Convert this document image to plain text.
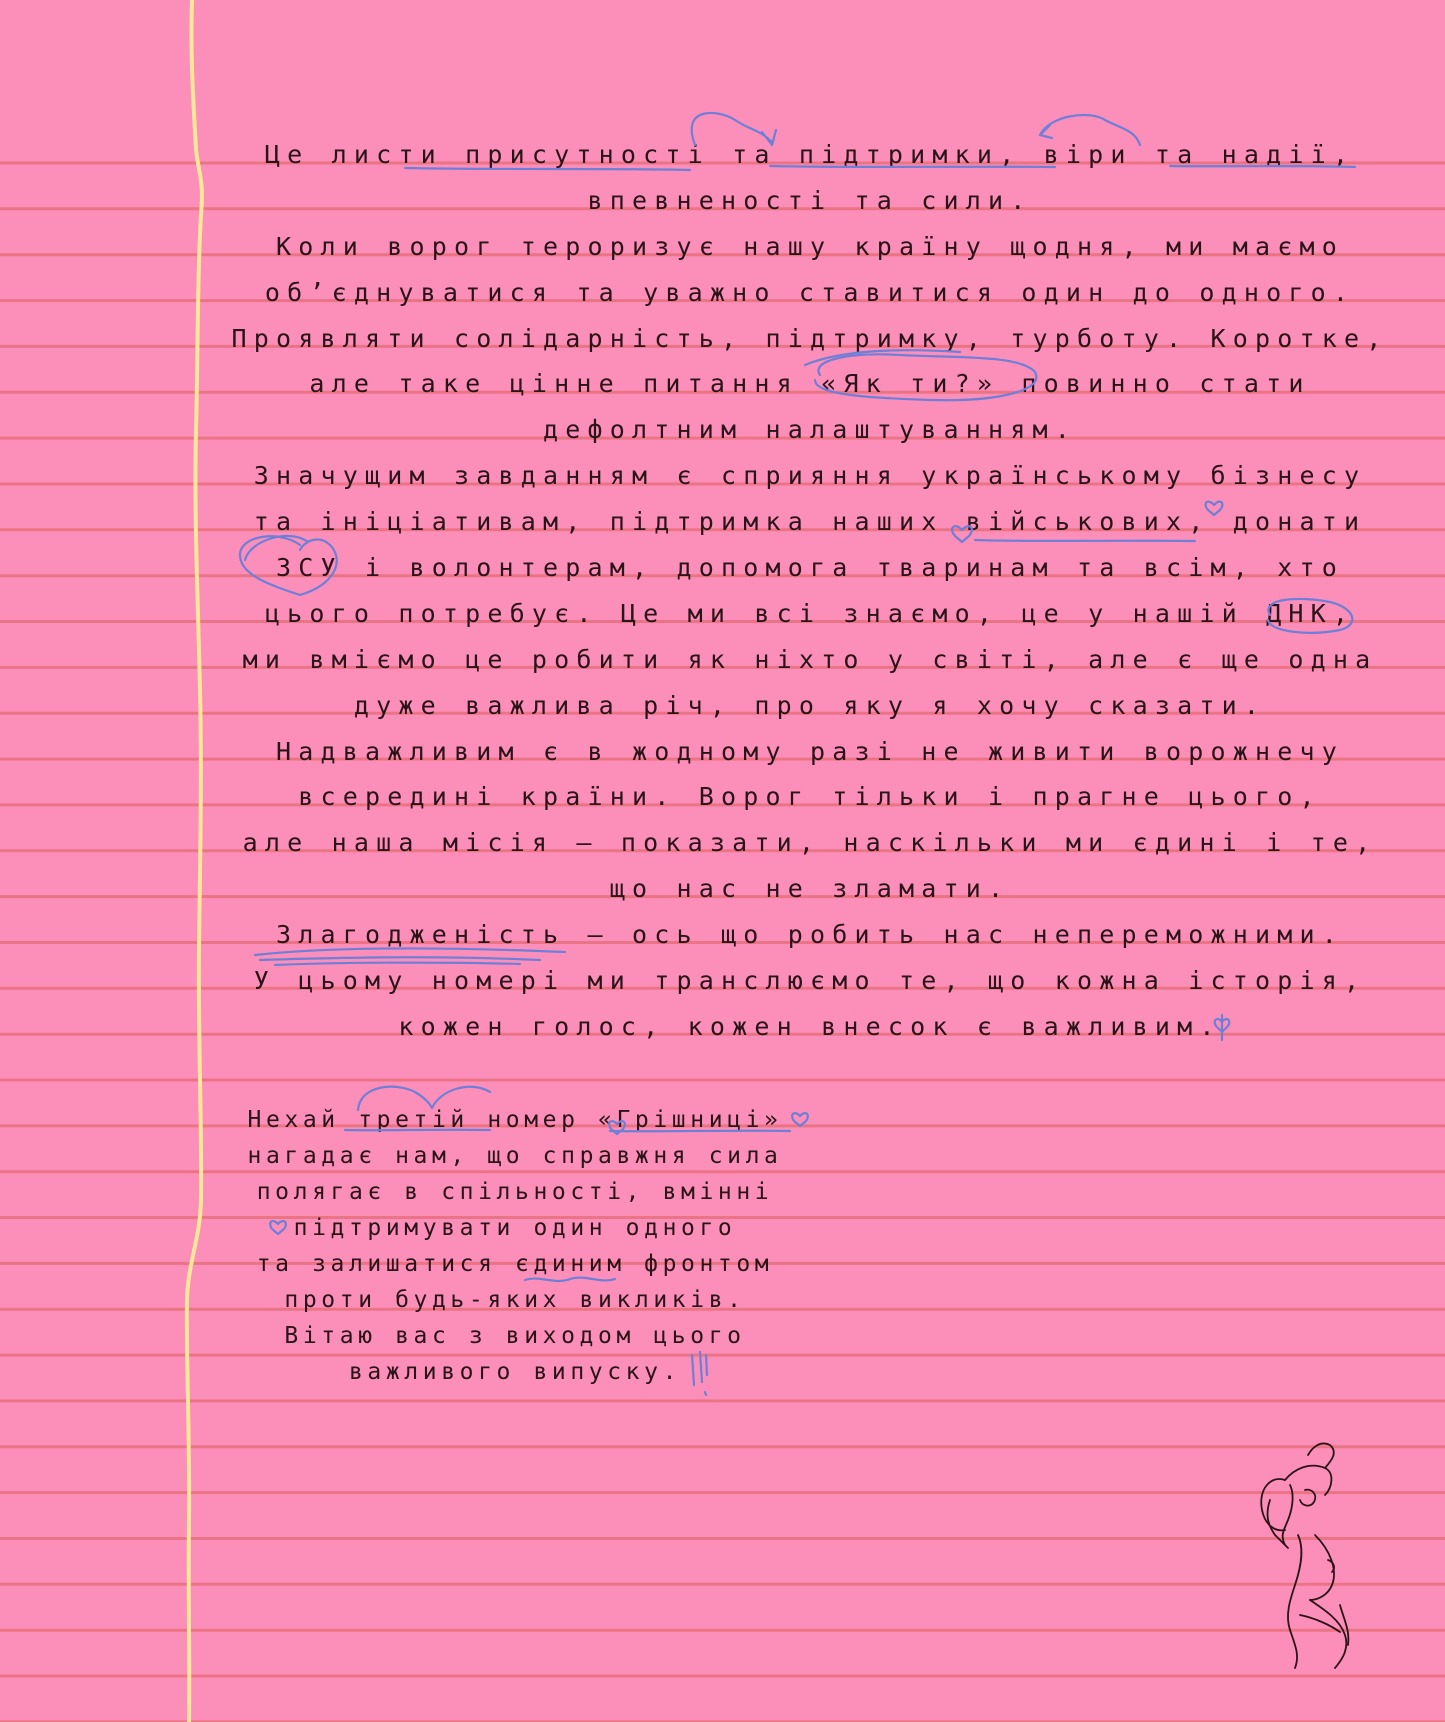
Це листи присутності та підтримки, віри та надії,
впевненості та сили.
Коли ворог тероризує нашу країну щодня, ми маємо
об’єднуватися та уважно ставитися один до одного.
Проявляти солідарність, підтримку, турботу. Коротке,
але таке цінне питання «Як ти?» повинно стати
дефолтним налаштуванням.
Значущим завданням є сприяння українському бізнесу
та ініціативам, підтримка наших військових, донати
ЗСУ і волонтерам, допомога тваринам та всім, хто
цього потребує. Це ми всі знаємо, це у нашій ДНК,
ми вміємо це робити як ніхто у світі, але є ще одна
дуже важлива річ, про яку я хочу сказати.
Надважливим є в жодному разі не живити ворожнечу
всередині країни. Ворог тільки і прагне цього,
але наша місія — показати, наскільки ми єдині і те,
що нас не зламати.
Злагодженість — ось що робить нас непереможними.
У цьому номері ми транслюємо те, що кожна історія,
кожен голос, кожен внесок є важливим.
Нехай третій номер «Грішниці»
нагадає нам, що справжня сила
полягає в спільності, вмінні
підтримувати один одного
та залишатися єдиним фронтом
проти будь-яких викликів.
Вітаю вас з виходом цього
важливого випуску.
